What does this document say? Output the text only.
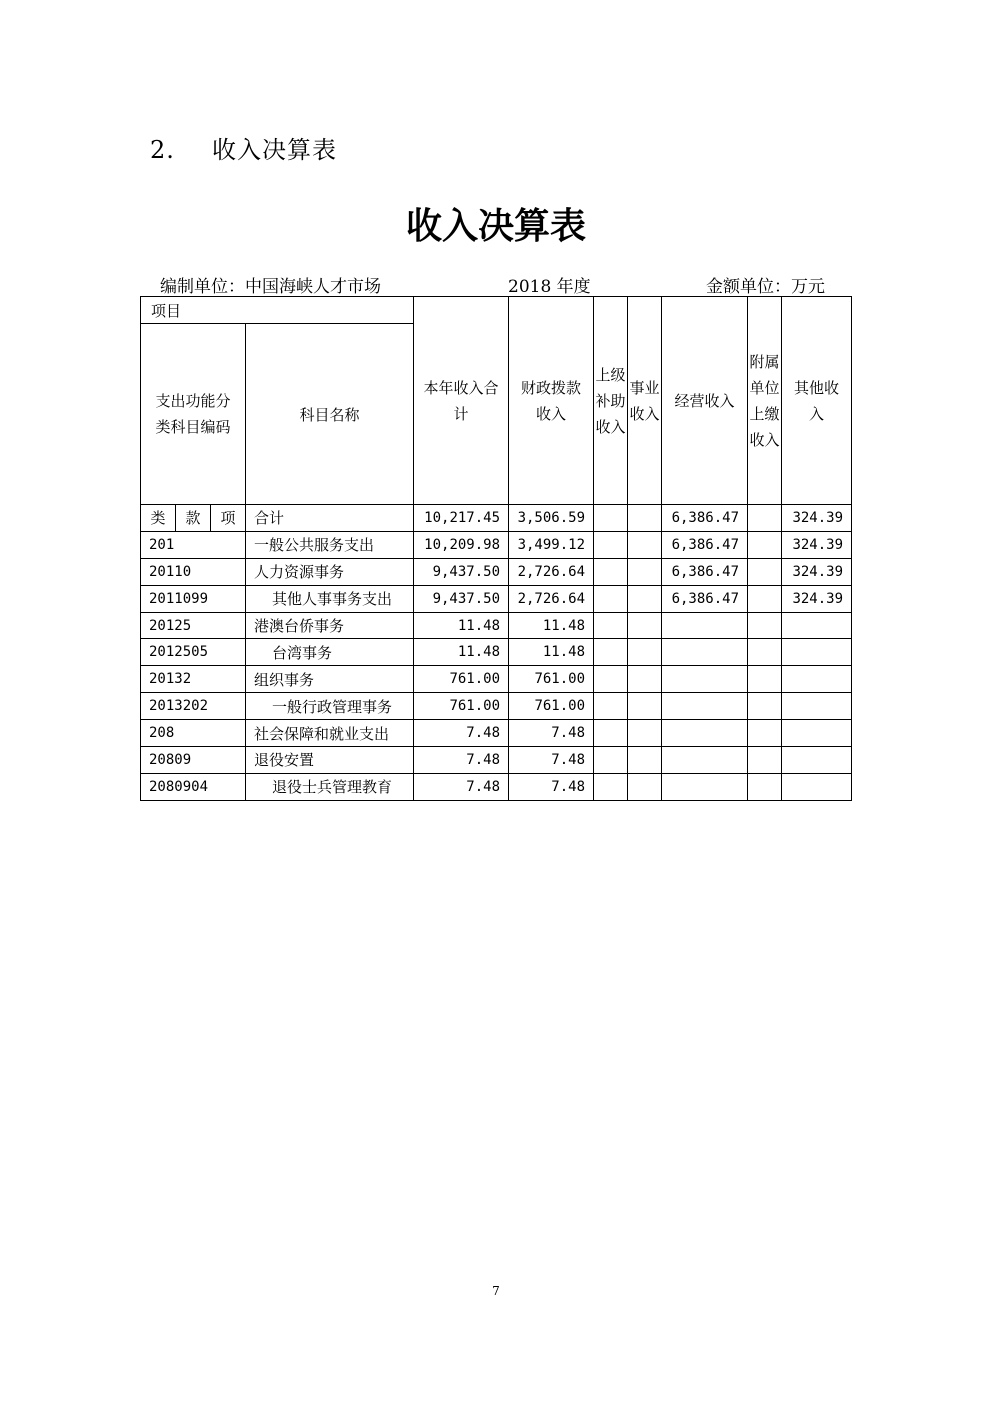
2. 收入决算表
收入决算表
编制单位：中国海峡人才市场	2018 年度	金额单位：万元
项目				本年收入合计	财政拨款收入	上级补助收入	事业收入	经营收入	附属单位上缴收入	其他收入
支出功能分类科目编码			科目名称							
类	款	项	合计	10,217.45	3,506.59			6,386.47		324.39
201			一般公共服务支出	10,209.98	3,499.12			6,386.47		324.39
20110			人力资源事务	9,437.50	2,726.64			6,386.47		324.39
2011099			其他人事事务支出	9,437.50	2,726.64			6,386.47		324.39
20125			港澳台侨事务	11.48	11.48					
2012505			台湾事务	11.48	11.48					
20132			组织事务	761.00	761.00					
2013202			一般行政管理事务	761.00	761.00					
208			社会保障和就业支出	7.48	7.48					
20809			退役安置	7.48	7.48					
2080904			退役士兵管理教育	7.48	7.48					
7
